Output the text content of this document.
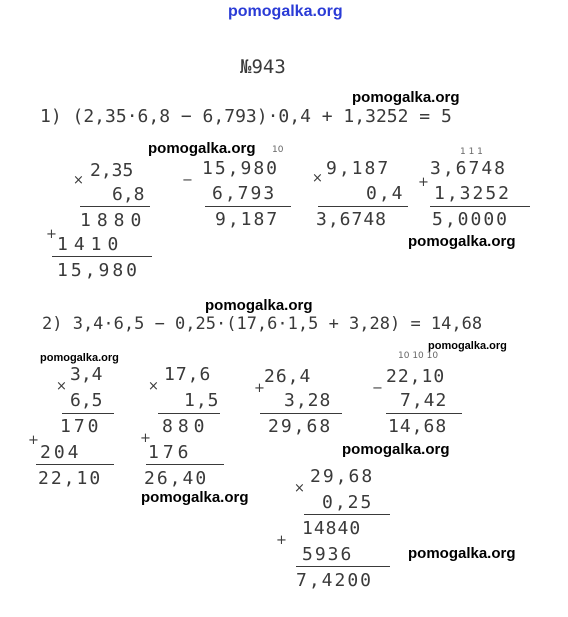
pomogalka.org
№943
1) (2,35·6,8 − 6,793)·0,4 + 1,3252 = 5
× 2,35
6,8
1880
+ 1410
15,980
10
−
15,980
6,793
9,187
× 9,187
0,4
3,6748
1 1 1
+
3,6748
1,3252
5,0000
2) 3,4·6,5 − 0,25·(17,6·1,5 + 3,28) = 14,68
×
3,4
6,5
170
+
204
22,10
×
17,6
1,5
880
+
176
26,40
+
26,4
3,28
29,68
10 10 10
−
22,10
7,42
14,68
×
29,68
0,25
14840
+
5936
7,4200
pomogalka.org
pomogalka.org
pomogalka.org
pomogalka.org
pomogalka.org
pomogalka.org
pomogalka.org
pomogalka.org
pomogalka.org
